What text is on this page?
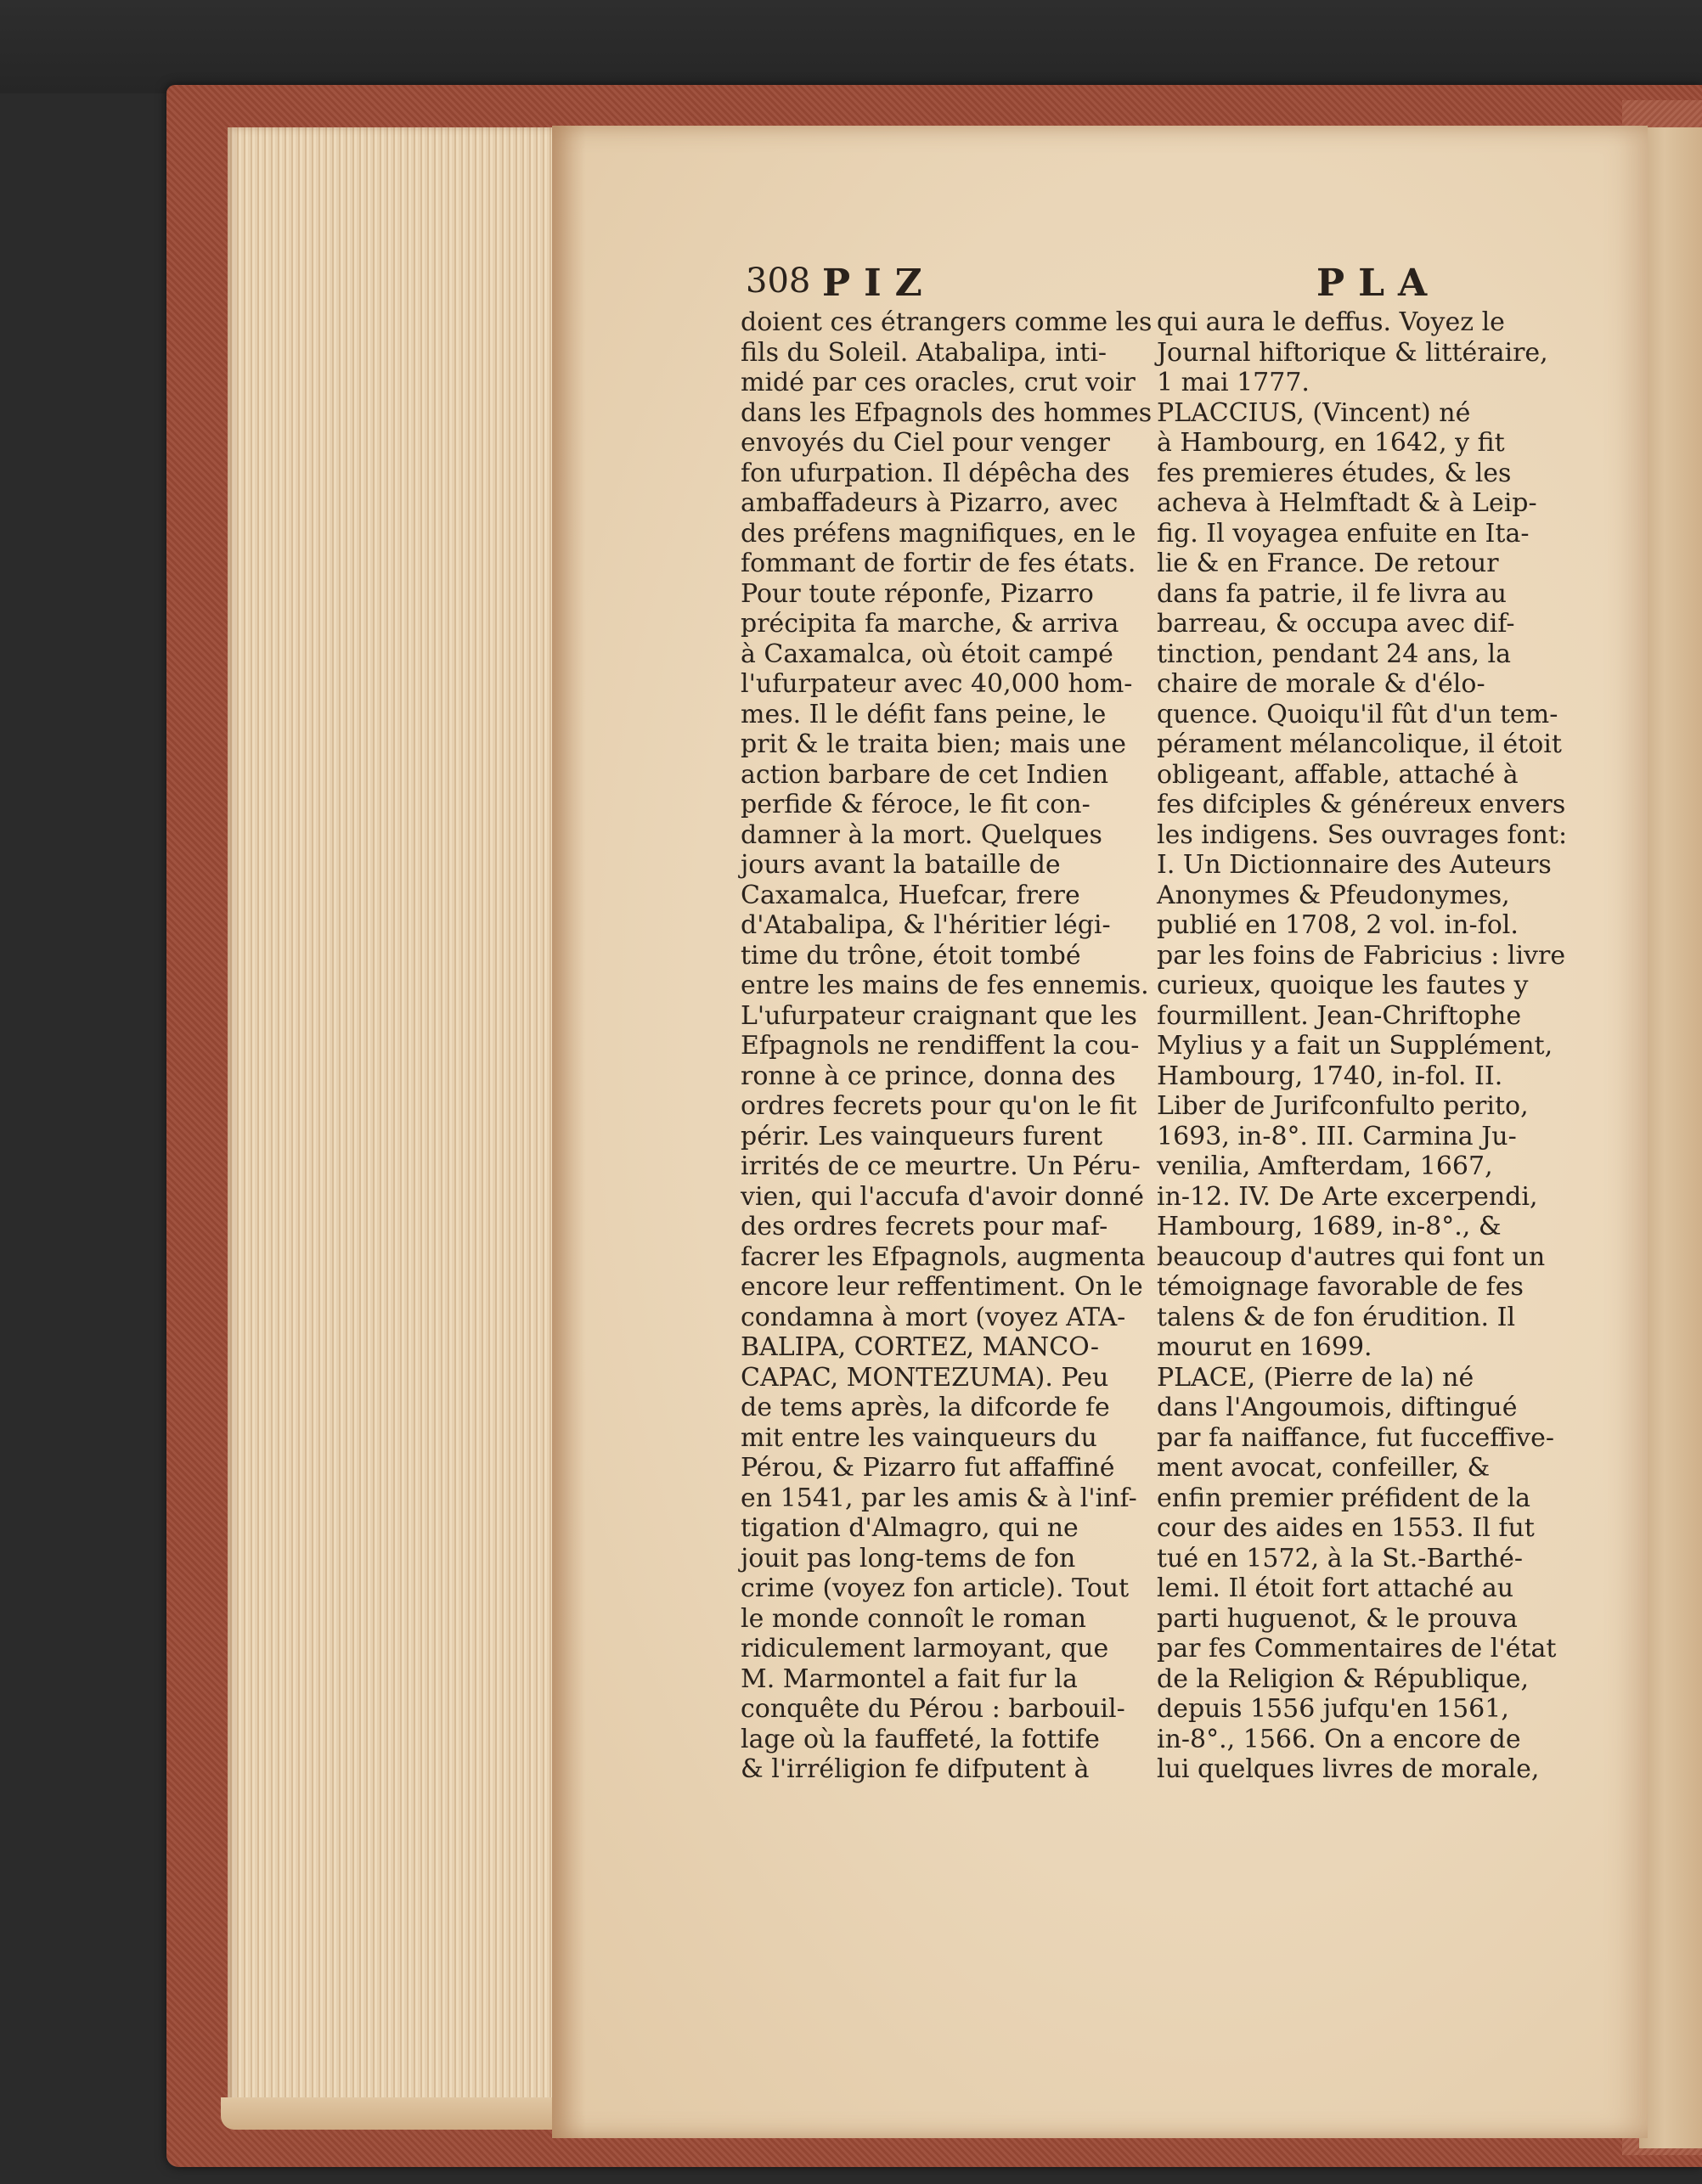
308 PIZ	PLA
doient ces étrangers comme les
fils du Soleil. Atabalipa, inti-
midé par ces oracles, crut voir
dans les Efpagnols des hommes
envoyés du Ciel pour venger
fon ufurpation. Il dépêcha des
ambaffadeurs à Pizarro, avec
des préfens magnifiques, en le
fommant de fortir de fes états.
Pour toute réponfe, Pizarro
précipita fa marche, & arriva
à Caxamalca, où étoit campé
l'ufurpateur avec 40,000 hom-
mes. Il le défit fans peine, le
prit & le traita bien; mais une
action barbare de cet Indien
perfide & féroce, le fit con-
damner à la mort. Quelques
jours avant la bataille de
Caxamalca, Huefcar, frere
d'Atabalipa, & l'héritier légi-
time du trône, étoit tombé
entre les mains de fes ennemis.
L'ufurpateur craignant que les
Efpagnols ne rendiffent la cou-
ronne à ce prince, donna des
ordres fecrets pour qu'on le fit
périr. Les vainqueurs furent
irrités de ce meurtre. Un Péru-
vien, qui l'accufa d'avoir donné
des ordres fecrets pour maf-
facrer les Efpagnols, augmenta
encore leur reffentiment. On le
condamna à mort (voyez ATA-
BALIPA, CORTEZ, MANCO-
CAPAC, MONTEZUMA). Peu
de tems après, la difcorde fe
mit entre les vainqueurs du
Pérou, & Pizarro fut affaffiné
en 1541, par les amis & à l'inf-
tigation d'Almagro, qui ne
jouit pas long-tems de fon
crime (voyez fon article). Tout
le monde connoît le roman
ridiculement larmoyant, que
M. Marmontel a fait fur la
conquête du Pérou : barbouil-
lage où la fauffeté, la fottife
& l'irréligion fe difputent à
qui aura le deffus. Voyez le
Journal hiftorique & littéraire,
1 mai 1777.
PLACCIUS, (Vincent) né
à Hambourg, en 1642, y fit
fes premieres études, & les
acheva à Helmftadt & à Leip-
fig. Il voyagea enfuite en Ita-
lie & en France. De retour
dans fa patrie, il fe livra au
barreau, & occupa avec dif-
tinction, pendant 24 ans, la
chaire de morale & d'élo-
quence. Quoiqu'il fût d'un tem-
pérament mélancolique, il étoit
obligeant, affable, attaché à
fes difciples & généreux envers
les indigens. Ses ouvrages font:
I. Un Dictionnaire des Auteurs
Anonymes & Pfeudonymes,
publié en 1708, 2 vol. in-fol.
par les foins de Fabricius : livre
curieux, quoique les fautes y
fourmillent. Jean-Chriftophe
Mylius y a fait un Supplément,
Hambourg, 1740, in-fol. II.
Liber de Jurifconfulto perito,
1693, in-8°. III. Carmina Ju-
venilia, Amfterdam, 1667,
in-12. IV. De Arte excerpendi,
Hambourg, 1689, in-8°., &
beaucoup d'autres qui font un
témoignage favorable de fes
talens & de fon érudition. Il
mourut en 1699.
PLACE, (Pierre de la) né
dans l'Angoumois, diftingué
par fa naiffance, fut fucceffive-
ment avocat, confeiller, &
enfin premier préfident de la
cour des aides en 1553. Il fut
tué en 1572, à la St.-Barthé-
lemi. Il étoit fort attaché au
parti huguenot, & le prouva
par fes Commentaires de l'état
de la Religion & République,
depuis 1556 jufqu'en 1561,
in-8°., 1566. On a encore de
lui quelques livres de morale,
